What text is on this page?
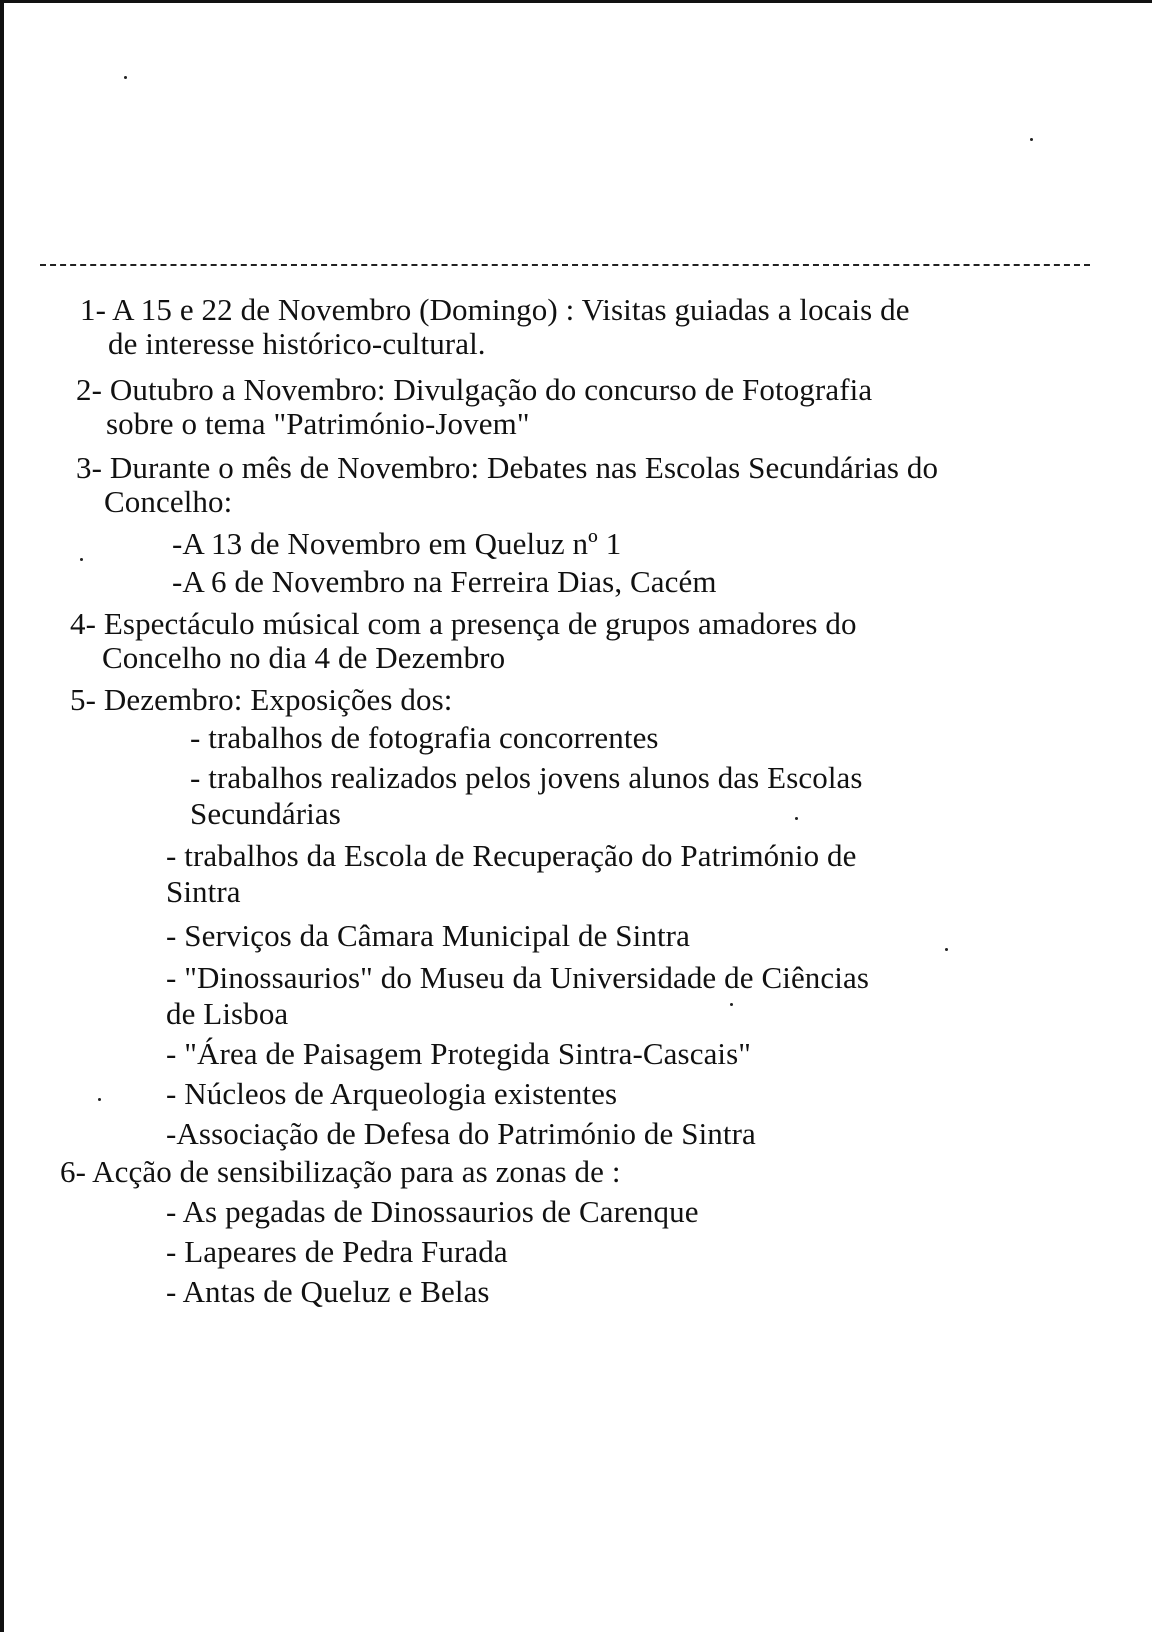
1- A 15 e 22 de Novembro (Domingo) : Visitas guiadas a locais de
de interesse histórico-cultural.
2- Outubro a Novembro: Divulgação do concurso de Fotografia
sobre o tema "Património-Jovem"
3- Durante o mês de Novembro: Debates nas Escolas Secundárias do
Concelho:
-A 13 de Novembro em Queluz nº 1
-A 6 de Novembro na Ferreira Dias, Cacém
4- Espectáculo músical com a presença de grupos amadores do
Concelho no dia 4 de Dezembro
5- Dezembro: Exposições dos:
- trabalhos de fotografia concorrentes
- trabalhos realizados pelos jovens alunos das Escolas
Secundárias
- trabalhos da Escola de Recuperação do Património de
Sintra
- Serviços da Câmara Municipal de Sintra
- "Dinossaurios" do Museu da Universidade de Ciências
de Lisboa
- "Área de Paisagem Protegida Sintra-Cascais"
- Núcleos de Arqueologia existentes
-Associação de Defesa do Património de Sintra
6- Acção de sensibilização para as zonas de :
- As pegadas de Dinossaurios de Carenque
- Lapeares de Pedra Furada
- Antas de Queluz e Belas
